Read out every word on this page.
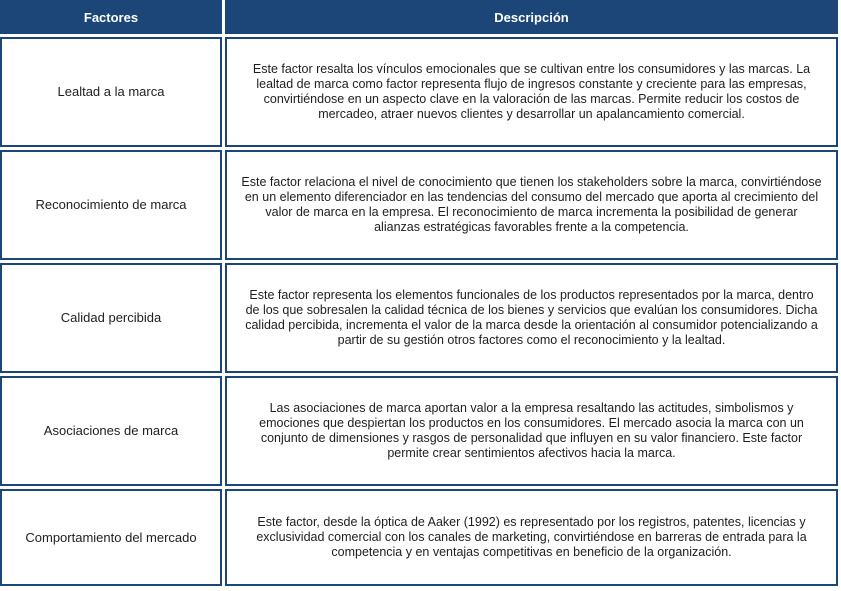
Factores	Descripción
Lealtad a la marca	Este factor resalta los vínculos emocionales que se cultivan entre los consumidores y las marcas. La lealtad de marca como factor representa flujo de ingresos constante y creciente para las empresas, convirtiéndose en un aspecto clave en la valoración de las marcas. Permite reducir los costos de mercadeo, atraer nuevos clientes y desarrollar un apalancamiento comercial.
Reconocimiento de marca	Este factor relaciona el nivel de conocimiento que tienen los stakeholders sobre la marca, convirtiéndose en un elemento diferenciador en las tendencias del consumo del mercado que aporta al crecimiento del valor de marca en la empresa. El reconocimiento de marca incrementa la posibilidad de generar alianzas estratégicas favorables frente a la competencia.
Calidad percibida	Este factor representa los elementos funcionales de los productos representados por la marca, dentro de los que sobresalen la calidad técnica de los bienes y servicios que evalúan los consumidores. Dicha calidad percibida, incrementa el valor de la marca desde la orientación al consumidor potencializando a partir de su gestión otros factores como el reconocimiento y la lealtad.
Asociaciones de marca	Las asociaciones de marca aportan valor a la empresa resaltando las actitudes, simbolismos y emociones que despiertan los productos en los consumidores. El mercado asocia la marca con un conjunto de dimensiones y rasgos de personalidad que influyen en su valor financiero. Este factor permite crear sentimientos afectivos hacia la marca.
Comportamiento del mercado	Este factor, desde la óptica de Aaker (1992) es representado por los registros, patentes, licencias y exclusividad comercial con los canales de marketing, convirtiéndose en barreras de entrada para la competencia y en ventajas competitivas en beneficio de la organización.
